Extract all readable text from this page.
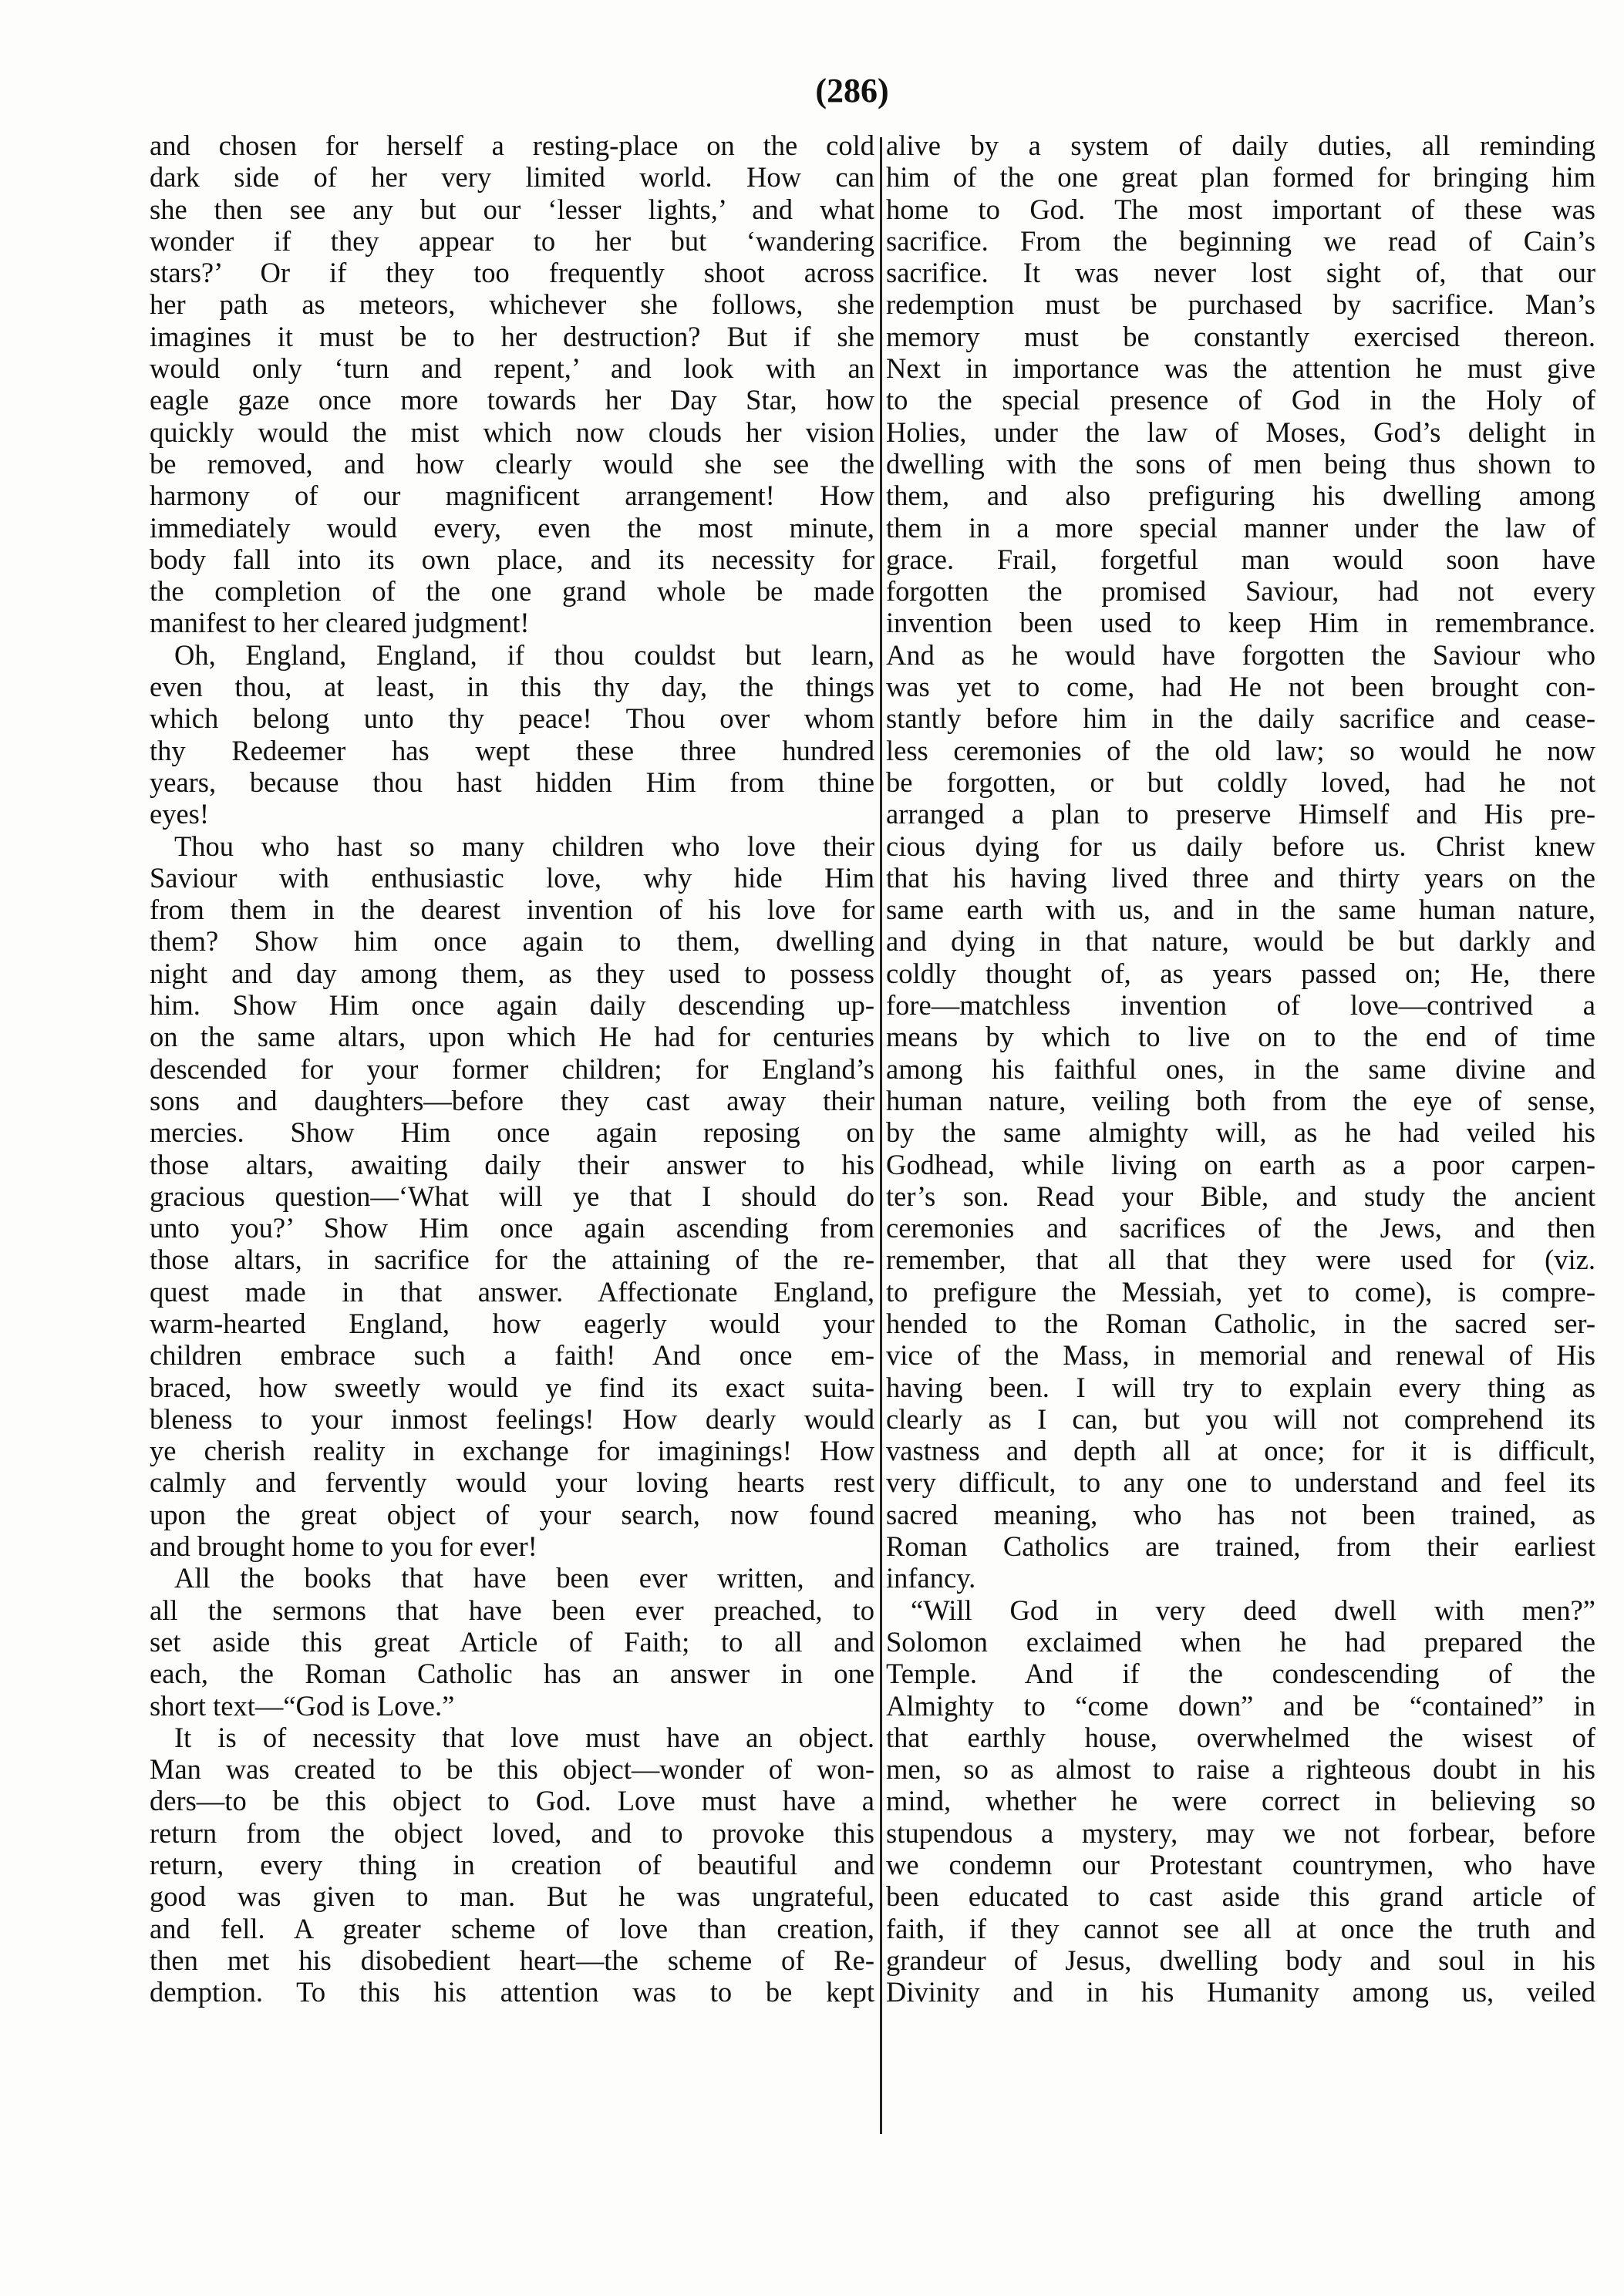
(286)
and chosen for herself a resting-place on the cold
dark side of her very limited world. How can
she then see any but our ‘lesser lights,’ and what
wonder if they appear to her but ‘wandering
stars?’ Or if they too frequently shoot across
her path as meteors, whichever she follows, she
imagines it must be to her destruction? But if she
would only ‘turn and repent,’ and look with an
eagle gaze once more towards her Day Star, how
quickly would the mist which now clouds her vision
be removed, and how clearly would she see the
harmony of our magnificent arrangement! How
immediately would every, even the most minute,
body fall into its own place, and its necessity for
the completion of the one grand whole be made
manifest to her cleared judgment!
Oh, England, England, if thou couldst but learn,
even thou, at least, in this thy day, the things
which belong unto thy peace! Thou over whom
thy Redeemer has wept these three hundred
years, because thou hast hidden Him from thine
eyes!
Thou who hast so many children who love their
Saviour with enthusiastic love, why hide Him
from them in the dearest invention of his love for
them? Show him once again to them, dwelling
night and day among them, as they used to possess
him. Show Him once again daily descending up-
on the same altars, upon which He had for centuries
descended for your former children; for England’s
sons and daughters—before they cast away their
mercies. Show Him once again reposing on
those altars, awaiting daily their answer to his
gracious question—‘What will ye that I should do
unto you?’ Show Him once again ascending from
those altars, in sacrifice for the attaining of the re-
quest made in that answer. Affectionate England,
warm-hearted England, how eagerly would your
children embrace such a faith! And once em-
braced, how sweetly would ye find its exact suita-
bleness to your inmost feelings! How dearly would
ye cherish reality in exchange for imaginings! How
calmly and fervently would your loving hearts rest
upon the great object of your search, now found
and brought home to you for ever!
All the books that have been ever written, and
all the sermons that have been ever preached, to
set aside this great Article of Faith; to all and
each, the Roman Catholic has an answer in one
short text—“God is Love.”
It is of necessity that love must have an object.
Man was created to be this object—wonder of won-
ders—to be this object to God. Love must have a
return from the object loved, and to provoke this
return, every thing in creation of beautiful and
good was given to man. But he was ungrateful,
and fell. A greater scheme of love than creation,
then met his disobedient heart—the scheme of Re-
demption. To this his attention was to be kept
alive by a system of daily duties, all reminding
him of the one great plan formed for bringing him
home to God. The most important of these was
sacrifice. From the beginning we read of Cain’s
sacrifice. It was never lost sight of, that our
redemption must be purchased by sacrifice. Man’s
memory must be constantly exercised thereon.
Next in importance was the attention he must give
to the special presence of God in the Holy of
Holies, under the law of Moses, God’s delight in
dwelling with the sons of men being thus shown to
them, and also prefiguring his dwelling among
them in a more special manner under the law of
grace. Frail, forgetful man would soon have
forgotten the promised Saviour, had not every
invention been used to keep Him in remembrance.
And as he would have forgotten the Saviour who
was yet to come, had He not been brought con-
stantly before him in the daily sacrifice and cease-
less ceremonies of the old law; so would he now
be forgotten, or but coldly loved, had he not
arranged a plan to preserve Himself and His pre-
cious dying for us daily before us. Christ knew
that his having lived three and thirty years on the
same earth with us, and in the same human nature,
and dying in that nature, would be but darkly and
coldly thought of, as years passed on; He, there
fore—matchless invention of love—contrived a
means by which to live on to the end of time
among his faithful ones, in the same divine and
human nature, veiling both from the eye of sense,
by the same almighty will, as he had veiled his
Godhead, while living on earth as a poor carpen-
ter’s son. Read your Bible, and study the ancient
ceremonies and sacrifices of the Jews, and then
remember, that all that they were used for (viz.
to prefigure the Messiah, yet to come), is compre-
hended to the Roman Catholic, in the sacred ser-
vice of the Mass, in memorial and renewal of His
having been. I will try to explain every thing as
clearly as I can, but you will not comprehend its
vastness and depth all at once; for it is difficult,
very difficult, to any one to understand and feel its
sacred meaning, who has not been trained, as
Roman Catholics are trained, from their earliest
infancy.
“Will God in very deed dwell with men?”
Solomon exclaimed when he had prepared the
Temple. And if the condescending of the
Almighty to “come down” and be “contained” in
that earthly house, overwhelmed the wisest of
men, so as almost to raise a righteous doubt in his
mind, whether he were correct in believing so
stupendous a mystery, may we not forbear, before
we condemn our Protestant countrymen, who have
been educated to cast aside this grand article of
faith, if they cannot see all at once the truth and
grandeur of Jesus, dwelling body and soul in his
Divinity and in his Humanity among us, veiled
